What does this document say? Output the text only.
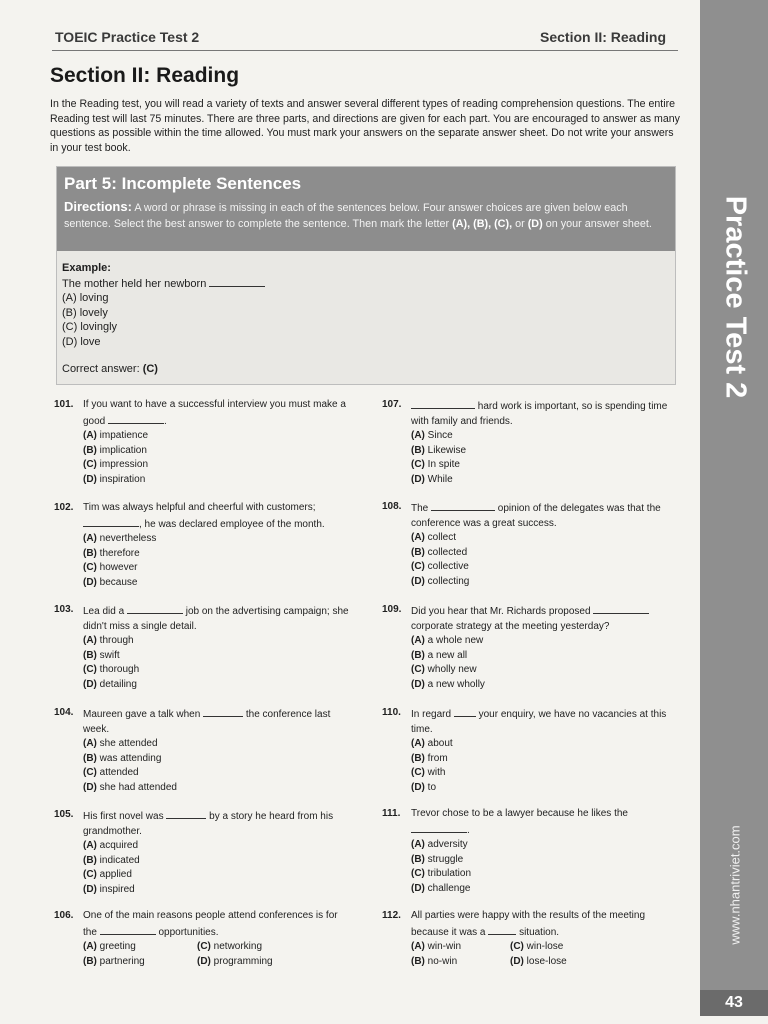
TOEIC Practice Test 2	Section II: Reading
Section II: Reading

In the Reading test, you will read a variety of texts and answer several different types of reading comprehension questions. The entire Reading test will last 75 minutes. There are three parts, and directions are given for each part. You are encouraged to answer as many questions as possible within the time allowed. You must mark your answers on the separate answer sheet. Do not write your answers in your test book.

Part 5: Incomplete Sentences

Directions: A word or phrase is missing in each of the sentences below. Four answer choices are given below each sentence. Select the best answer to complete the sentence. Then mark the letter (A), (B), (C), or (D) on your answer sheet.

Example:
The mother held her newborn
(A) loving
(B) lovely
(C) lovingly
(D) love
Correct answer: (C)
101. If you want to have a successful interview you must make a good	.
(A) impatience
(B) implication
(C) impression
(D) inspiration
102. Tim was always helpful and cheerful with customers; , he was declared employee of the month.
(A) nevertheless
(B) therefore
(C) however
(D) because
103. Lea did a	job on the advertising campaign; she didn't miss a single detail.
(A) through
(B) swift
(C) thorough
(D) detailing
104. Maureen gave a talk when	the conference last week.
(A) she attended
(B) was attending
(C) attended
(D) she had attended
105. His first novel was	by a story he heard from his grandmother.
(A) acquired
(B) indicated
(C) applied
(D) inspired
106. One of the main reasons people attend conferences is for the	opportunities.
(A) greeting	(C) networking
(B) partnering	(D) programming
107.	hard work is important, so is spending time with family and friends.
(A) Since
(B) Likewise
(C) In spite
(D) While
108. The	opinion of the delegates was that the conference was a great success.
(A) collect
(B) collected
(C) collective
(D) collecting
109. Did you hear that Mr. Richards proposed  corporate strategy at the meeting yesterday?
(A) a whole new
(B) a new all
(C) wholly new
(D) a new wholly
110. In regard	your enquiry, we have no vacancies at this time.
(A) about
(B) from
(C) with
(D) to
111. Trevor chose to be a lawyer because he likes the
.
(A) adversity
(B) struggle
(C) tribulation
(D) challenge
112. All parties were happy with the results of the meeting because it was a	situation.
(A) win-win	(C) win-lose
(B) no-win	(D) lose-lose
Practice Test 2
www.nhantriviet.com
43
